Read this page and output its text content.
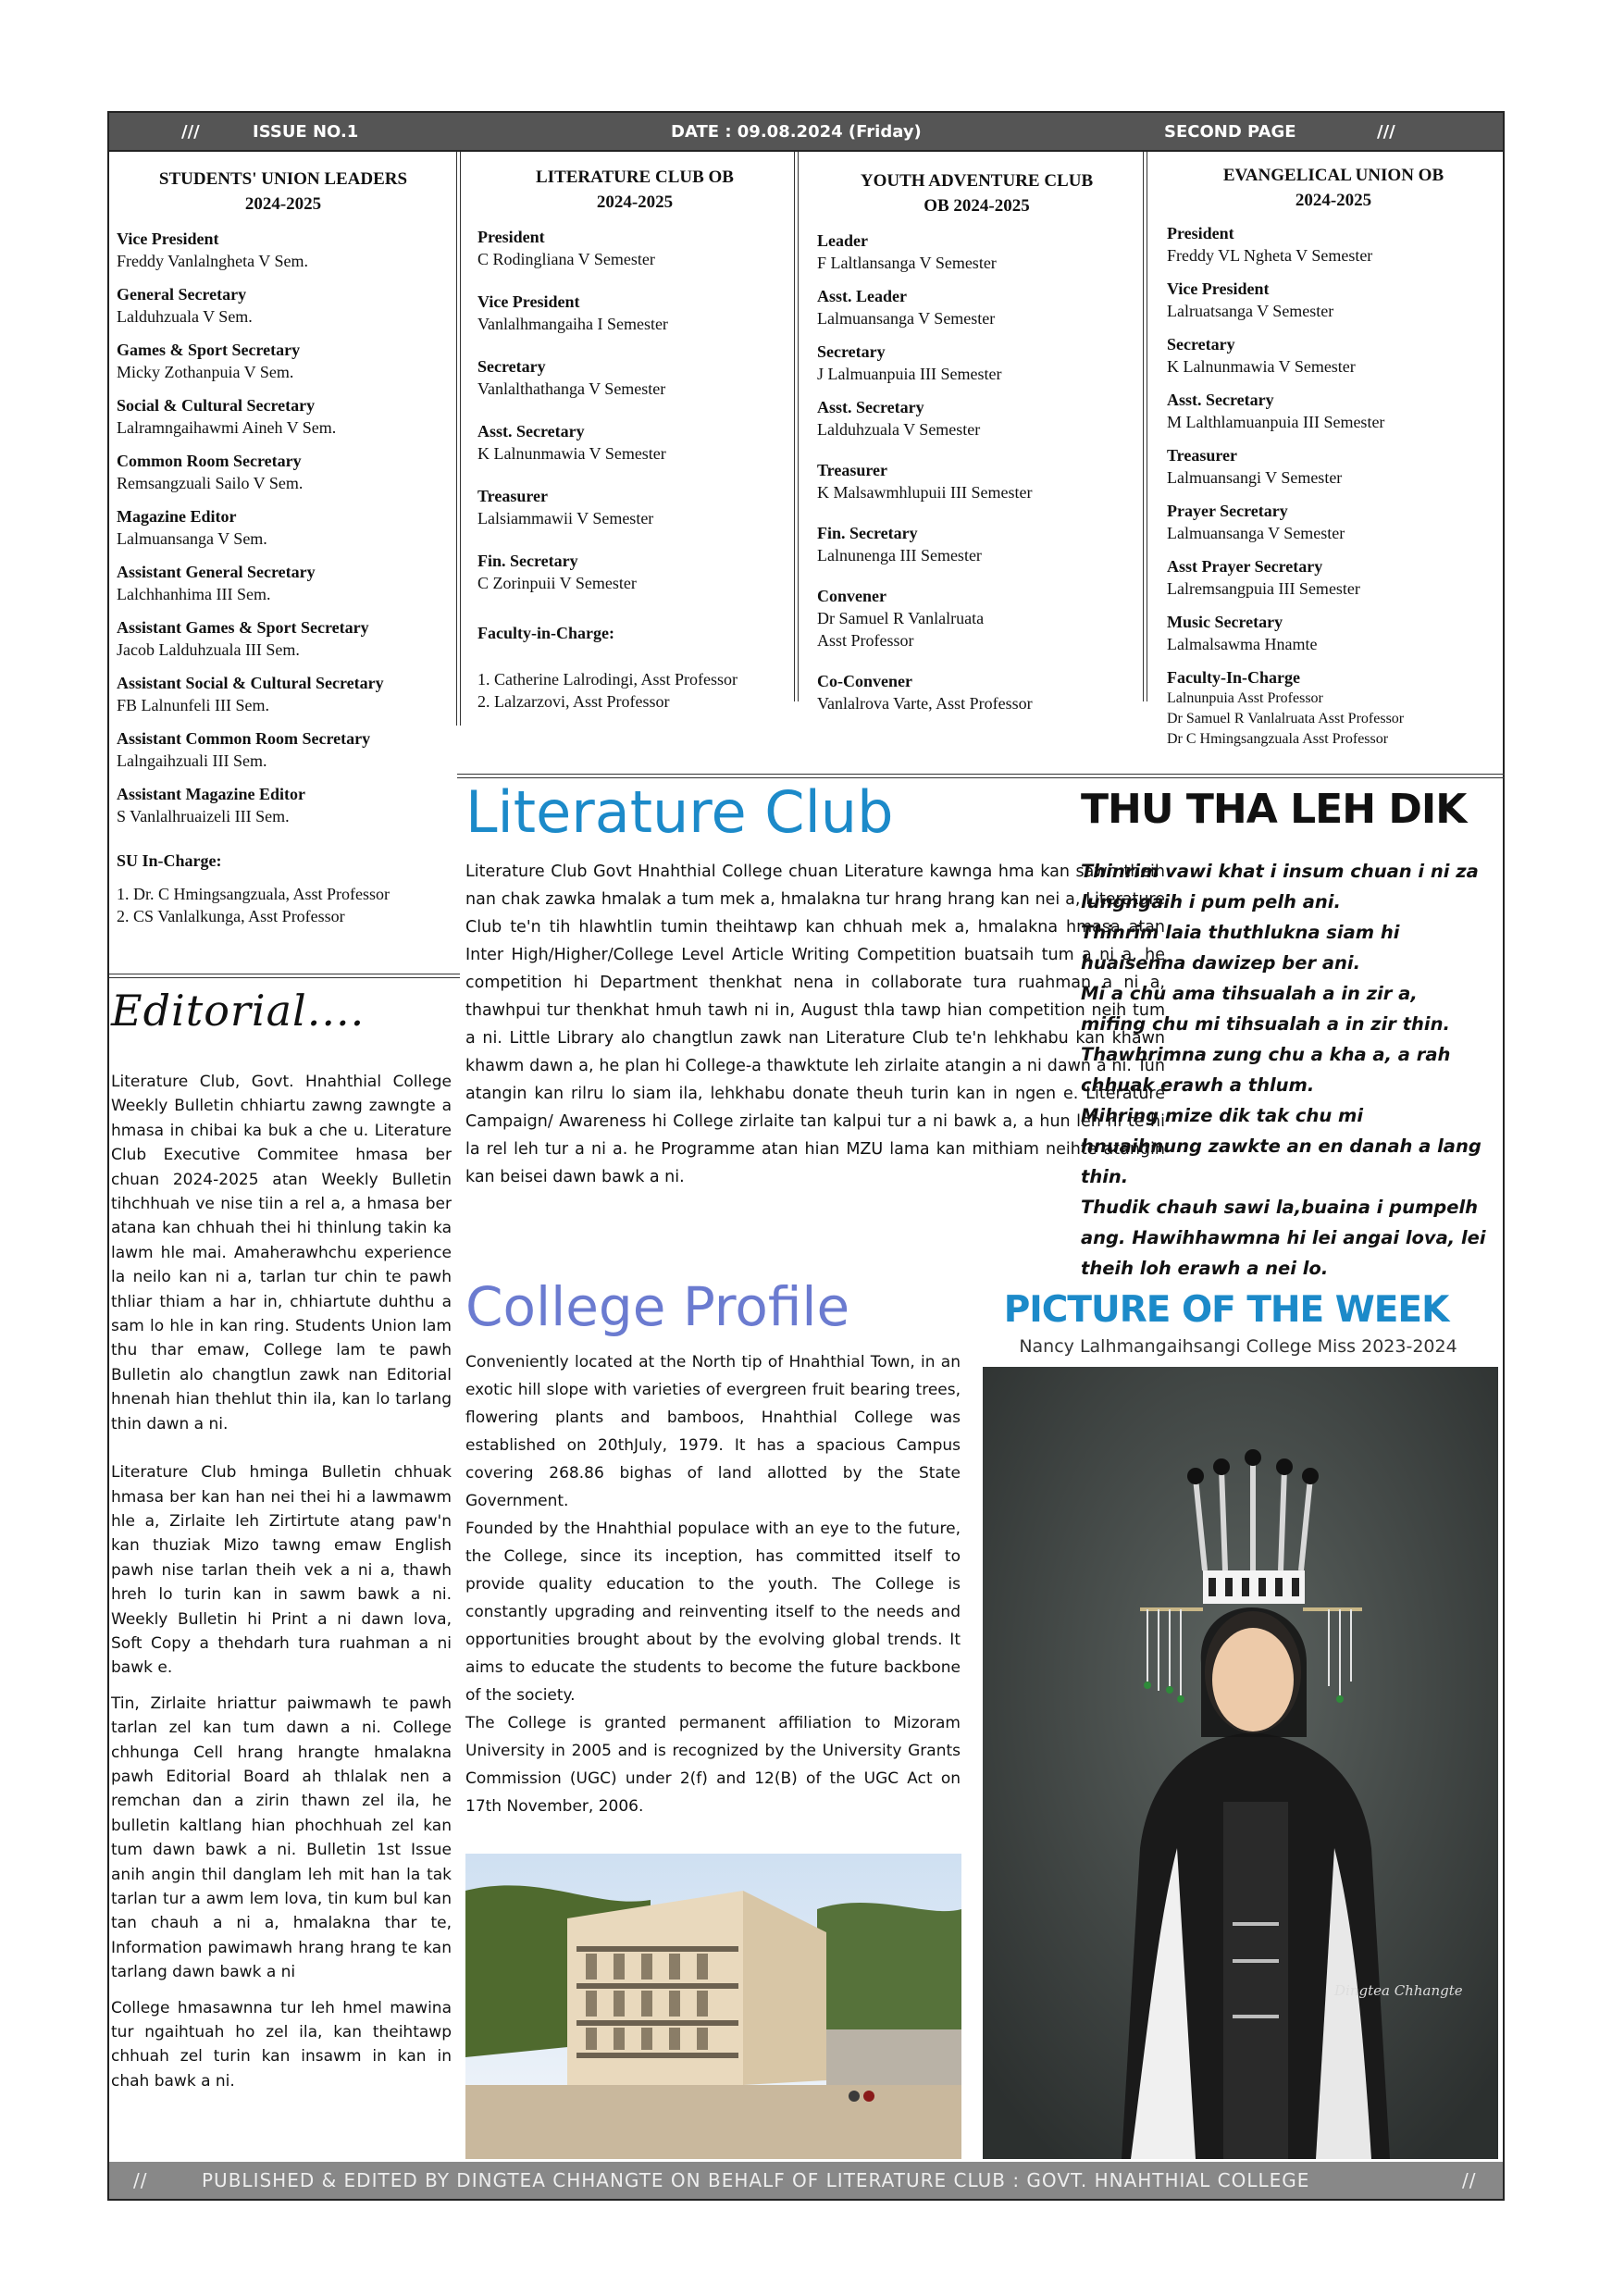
///	ISSUE NO.1	DATE : 09.08.2024 (Friday)	SECOND PAGE	///
STUDENTS' UNION LEADERS
2024-2025
Vice President
Freddy Vanlalngheta V Sem.
General Secretary
Lalduhzuala V Sem.
Games & Sport Secretary
Micky Zothanpuia V Sem.
Social & Cultural Secretary
Lalramngaihawmi Aineh V Sem.
Common Room Secretary
Remsangzuali Sailo V Sem.
Magazine Editor
Lalmuansanga V Sem.
Assistant General Secretary
Lalchhanhima III Sem.
Assistant Games & Sport Secretary
Jacob Lalduhzuala III Sem.
Assistant Social & Cultural Secretary
FB Lalnunfeli III Sem.
Assistant Common Room Secretary
Lalngaihzuali III Sem.
Assistant Magazine Editor
S Vanlalhruaizeli III Sem.
SU In-Charge:
1. Dr. C Hmingsangzuala, Asst Professor
2. CS Vanlalkunga, Asst Professor
LITERATURE CLUB OB
2024-2025
President
C Rodingliana V Semester
Vice President
Vanlalhmangaiha I Semester
Secretary
Vanlalthathanga V Semester
Asst. Secretary
K Lalnunmawia V Semester
Treasurer
Lalsiammawii V Semester
Fin. Secretary
C Zorinpuii V Semester
Faculty-in-Charge:
1. Catherine Lalrodingi, Asst Professor
2. Lalzarzovi, Asst Professor
YOUTH ADVENTURE CLUB
OB 2024-2025
Leader
F Laltlansanga V Semester
Asst. Leader
Lalmuansanga V Semester
Secretary
J Lalmuanpuia III Semester
Asst. Secretary
Lalduhzuala V Semester
Treasurer
K Malsawmhlupuii III Semester
Fin. Secretary
Lalnunenga III Semester
Convener
Dr Samuel R Vanlalruata
Asst Professor
Co-Convener
Vanlalrova Varte, Asst Professor
EVANGELICAL UNION OB
2024-2025
President
Freddy VL Ngheta V Semester
Vice President
Lalruatsanga V Semester
Secretary
K Lalnunmawia V Semester
Asst. Secretary
M Lalthlamuanpuia III Semester
Treasurer
Lalmuansangi V Semester
Prayer Secretary
Lalmuansanga V Semester
Asst Prayer Secretary
Lalremsangpuia III Semester
Music Secretary
Lalmalsawma Hnamte
Faculty-In-Charge
Lalnunpuia Asst Professor
Dr Samuel R Vanlalruata Asst Professor
Dr C Hmingsangzuala Asst Professor
Editorial....

Literature Club, Govt. Hnahthial College Weekly Bulletin chhiartu zawng zawngte a hmasa in chibai ka buk a che u. Literature Club Executive Commitee hmasa ber chuan 2024-2025 atan Weekly Bulletin tihchhuah ve nise tiin a rel a, a hmasa ber atana kan chhuah thei hi thinlung takin ka lawm hle mai. Amaherawhchu experience la neilo kan ni a, tarlan tur chin te pawh thliar thiam a har in, chhiartute duhthu a sam lo hle in kan ring. Students Union lam thu thar emaw, College lam te pawh Bulletin alo changtlun zawk nan Editorial hnenah hian thehlut thin ila, kan lo tarlang thin dawn a ni.

Literature Club hminga Bulletin chhuak hmasa ber kan han nei thei hi a lawmawm hle a, Zirlaite leh Zirtirtute atang paw'n kan thuziak Mizo tawng emaw English pawh nise tarlan theih vek a ni a, thawh hreh lo turin kan in sawm bawk a ni. Weekly Bulletin hi Print a ni dawn lova, Soft Copy a thehdarh tura ruahman a ni bawk e.

Tin, Zirlaite hriattur paiwmawh te pawh tarlan zel kan tum dawn a ni. College chhunga Cell hrang hrangte hmalakna pawh Editorial Board ah thlalak nen a remchan dan a zirin thawn zel ila, he bulletin kaltlang hian phochhuah zel kan tum dawn bawk a ni. Bulletin 1st Issue anih angin thil danglam leh mit han la tak tarlan tur a awm lem lova, tin kum bul kan tan chauh a ni a, hmalakna thar te, Information pawimawh hrang hrang te kan tarlang dawn bawk a ni

College hmasawnna tur leh hmel mawina tur ngaihtuah ho zel ila, kan theihtawp chhuah zel turin kan insawm in kan in chah bawk a ni.

Literature Club

Literature Club Govt Hnahthial College chuan Literature kawnga hma kan sawn theih nan chak zawka hmalak a tum mek a, hmalakna tur hrang hrang kan nei a, Literature Club te'n tih hlawhtlin tumin theihtawp kan chhuah mek a, hmalakna hmasa atan Inter High/Higher/College Level Article Writing Competition buatsaih tum a ni a, he competition hi Department thenkhat nena in collaborate tura ruahman a ni a, thawhpui tur thenkhat hmuh tawh ni in, August thla tawp hian competition neih tum a ni. Little Library alo changtlun zawk nan Literature Club te'n lehkhabu kan khawn khawm dawn a, he plan hi College-a thawktute leh zirlaite atangin a ni dawn a ni. Tun atangin kan rilru lo siam ila, lehkhabu donate theuh turin kan in ngen e. Literature Campaign/ Awareness hi College zirlaite tan kalpui tur a ni bawk a, a hun leh ni te hi la rel leh tur a ni a. he Programme atan hian MZU lama kan mithiam neihte atangin kan beisei dawn bawk a ni.

THU THA LEH DIK

Thinrim vawi khat i insum chuan i ni za lungngaih i pum pelh ani.

Thinrim laia thuthlukna siam hi huaisenna dawizep ber ani.

Mi a chu ama tihsualah a in zir a, mifing chu mi tihsualah a in zir thin.

Thawhrimna zung chu a kha a, a rah chhuak erawh a thlum.

Mihring mize dik tak chu mi hnuaihnung zawkte an en danah a lang thin.

Thudik chauh sawi la,buaina i pumpelh ang. Hawihhawmna hi lei angai lova, lei theih loh erawh a nei lo.

College Profile

Conveniently located at the North tip of Hnahthial Town, in an exotic hill slope with varieties of evergreen fruit bearing trees, flowering plants and bamboos, Hnahthial College was established on 20thJuly, 1979. It has a spacious Campus covering 268.86 bighas of land allotted by the State Government.

Founded by the Hnahthial populace with an eye to the future, the College, since its inception, has committed itself to provide quality education to the youth. The College is constantly upgrading and reinventing itself to the needs and opportunities brought about by the evolving global trends. It aims to educate the students to become the future backbone of the society.

The College is granted permanent affiliation to Mizoram University in 2005 and is recognized by the University Grants Commission (UGC) under 2(f) and 12(B) of the UGC Act on 17th November, 2006.

PICTURE OF THE WEEK
Nancy Lalhmangaihsangi College Miss 2023-2024
Dingtea Chhangte
//	PUBLISHED & EDITED BY DINGTEA CHHANGTE ON BEHALF OF LITERATURE CLUB : GOVT. HNAHTHIAL COLLEGE	//
